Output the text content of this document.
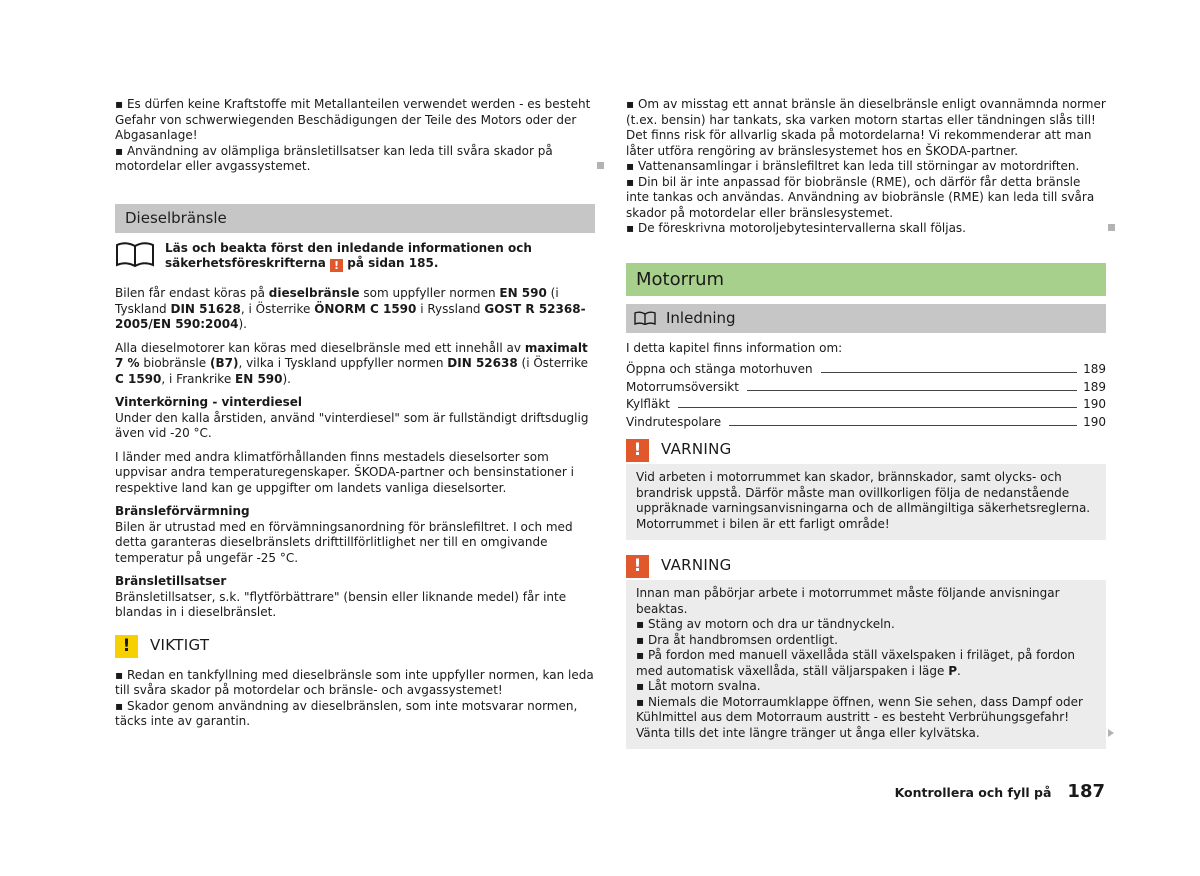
▪ Es dürfen keine Kraftstoffe mit Metallanteilen verwendet werden - es besteht Gefahr von schwerwiegenden Beschädigungen der Teile des Motors oder der Abgasanlage!

▪ Användning av olämpliga bränsletillsatser kan leda till svåra skador på motordelar eller avgassystemet.

Dieselbränsle
Läs och beakta först den inledande informationen och säkerhetsföreskrifterna ! på sidan 185.

Bilen får endast köras på dieselbränsle som uppfyller normen EN 590 (i Tyskland DIN 51628, i Österrike ÖNORM C 1590 i Ryssland GOST R 52368-2005/EN 590:2004).

Alla dieselmotorer kan köras med dieselbränsle med ett innehåll av maximalt 7 % biobränsle (B7), vilka i Tyskland uppfyller normen DIN 52638 (i Österrike C 1590, i Frankrike EN 590).

Vinterkörning - vinterdiesel

Under den kalla årstiden, använd "vinterdiesel" som är fullständigt driftsduglig även vid -20 °C.

I länder med andra klimatförhållanden finns mestadels dieselsorter som uppvisar andra temperaturegenskaper. ŠKODA-partner och bensinstationer i respektive land kan ge uppgifter om landets vanliga dieselsorter.

Bränsleförvärmning

Bilen är utrustad med en förvämningsanordning för bränslefiltret. I och med detta garanteras dieselbränslets drifttillförlitlighet ner till en omgivande temperatur på ungefär -25 °C.

Bränsletillsatser

Bränsletillsatser, s.k. "flytförbättrare" (bensin eller liknande medel) får inte blandas in i dieselbränslet.

!	VIKTIGT

▪ Redan en tankfyllning med dieselbränsle som inte uppfyller normen, kan leda till svåra skador på motordelar och bränsle- och avgassystemet!

▪ Skador genom användning av dieselbränslen, som inte motsvarar normen, täcks inte av garantin.

▪ Om av misstag ett annat bränsle än dieselbränsle enligt ovannämnda normer (t.ex. bensin) har tankats, ska varken motorn startas eller tändningen slås till! Det finns risk för allvarlig skada på motordelarna! Vi rekommenderar att man låter utföra rengöring av bränslesystemet hos en ŠKODA-partner.

▪ Vattenansamlingar i bränslefiltret kan leda till störningar av motordriften.

▪ Din bil är inte anpassad för biobränsle (RME), och därför får detta bränsle inte tankas och användas. Användning av biobränsle (RME) kan leda till svåra skador på motordelar eller bränslesystemet.

▪ De föreskrivna motoroljebytesintervallerna skall följas.

Motorrum
Inledning

I detta kapitel finns information om:

Öppna och stänga motorhuven	189
Motorrumsöversikt	189
Kylfläkt	190
Vindrutespolare	190
!	VARNING
Vid arbeten i motorrummet kan skador, brännskador, samt olycks- och brandrisk uppstå. Därför måste man ovillkorligen följa de nedanstående uppräknade varningsanvisningarna och de allmängiltiga säkerhetsreglerna. Motorrummet i bilen är ett farligt område!
!	VARNING

Innan man påbörjar arbete i motorrummet måste följande anvisningar beaktas.

▪ Stäng av motorn och dra ur tändnyckeln.

▪ Dra åt handbromsen ordentligt.

▪ På fordon med manuell växellåda ställ växelspaken i friläget, på fordon med automatisk växellåda, ställ väljarspaken i läge P.

▪ Låt motorn svalna.

▪ Niemals die Motorraumklappe öffnen, wenn Sie sehen, dass Dampf oder Kühlmittel aus dem Motorraum austritt - es besteht Verbrühungsgefahr! Vänta tills det inte längre tränger ut ånga eller kylvätska.

Kontrollera och fyll på 187
